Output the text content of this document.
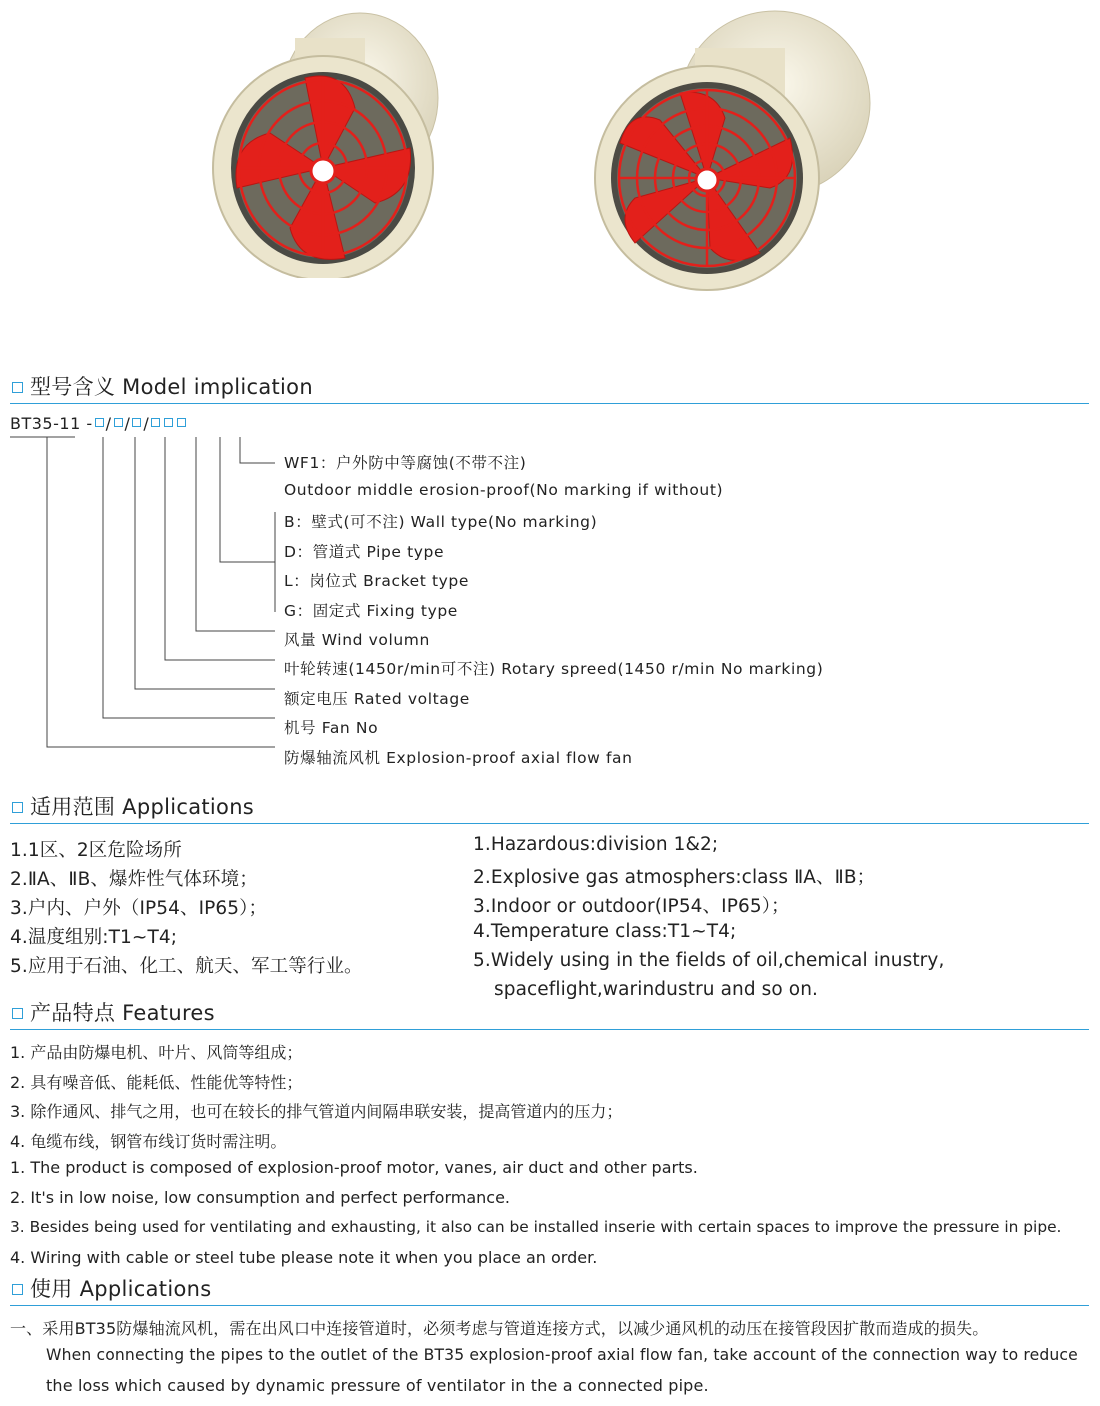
型号含义 Model implication
BT35-11 - / / /
WF1：户外防中等腐蚀(不带不注)
Outdoor middle erosion-proof(No marking if without)
B：壁式(可不注) Wall type(No marking)
D：管道式 Pipe type
L：岗位式 Bracket type
G：固定式 Fixing type
风量 Wind volumn
叶轮转速(1450r/min可不注) Rotary spreed(1450 r/min No marking)
额定电压 Rated voltage
机号 Fan No
防爆轴流风机 Explosion-proof axial flow fan
适用范围 Applications
1.1区、2区危险场所
2.ⅡA、ⅡB、爆炸性气体环境；
3.户内、户外（IP54、IP65）；
4.温度组别:T1~T4;
5.应用于石油、化工、航天、军工等行业。
1.Hazardous:division 1&2;
2.Explosive gas atmosphers:class ⅡA、ⅡB；
3.Indoor or outdoor(IP54、IP65）；
4.Temperature class:T1~T4;
5.Widely using in the fields of oil,chemical inustry,
spaceflight,warindustru and so on.
产品特点 Features
1. 产品由防爆电机、叶片、风筒等组成；
2. 具有噪音低、能耗低、性能优等特性；
3. 除作通风、排气之用，也可在较长的排气管道内间隔串联安装，提高管道内的压力；
4. 龟缆布线，钢管布线订货时需注明。
1. The product is composed of explosion-proof motor, vanes, air duct and other parts.
2. It's in low noise, low consumption and perfect performance.
3. Besides being used for ventilating and exhausting, it also can be installed inserie with certain spaces to improve the pressure in pipe.
4. Wiring with cable or steel tube please note it when you place an order.
使用 Applications
一、采用BT35防爆轴流风机，需在出风口中连接管道时，必须考虑与管道连接方式，以减少通风机的动压在接管段因扩散而造成的损失。
When connecting the pipes to the outlet of the BT35 explosion-proof axial flow fan, take account of the connection way to reduce
the loss which caused by dynamic pressure of ventilator in the a connected pipe.
